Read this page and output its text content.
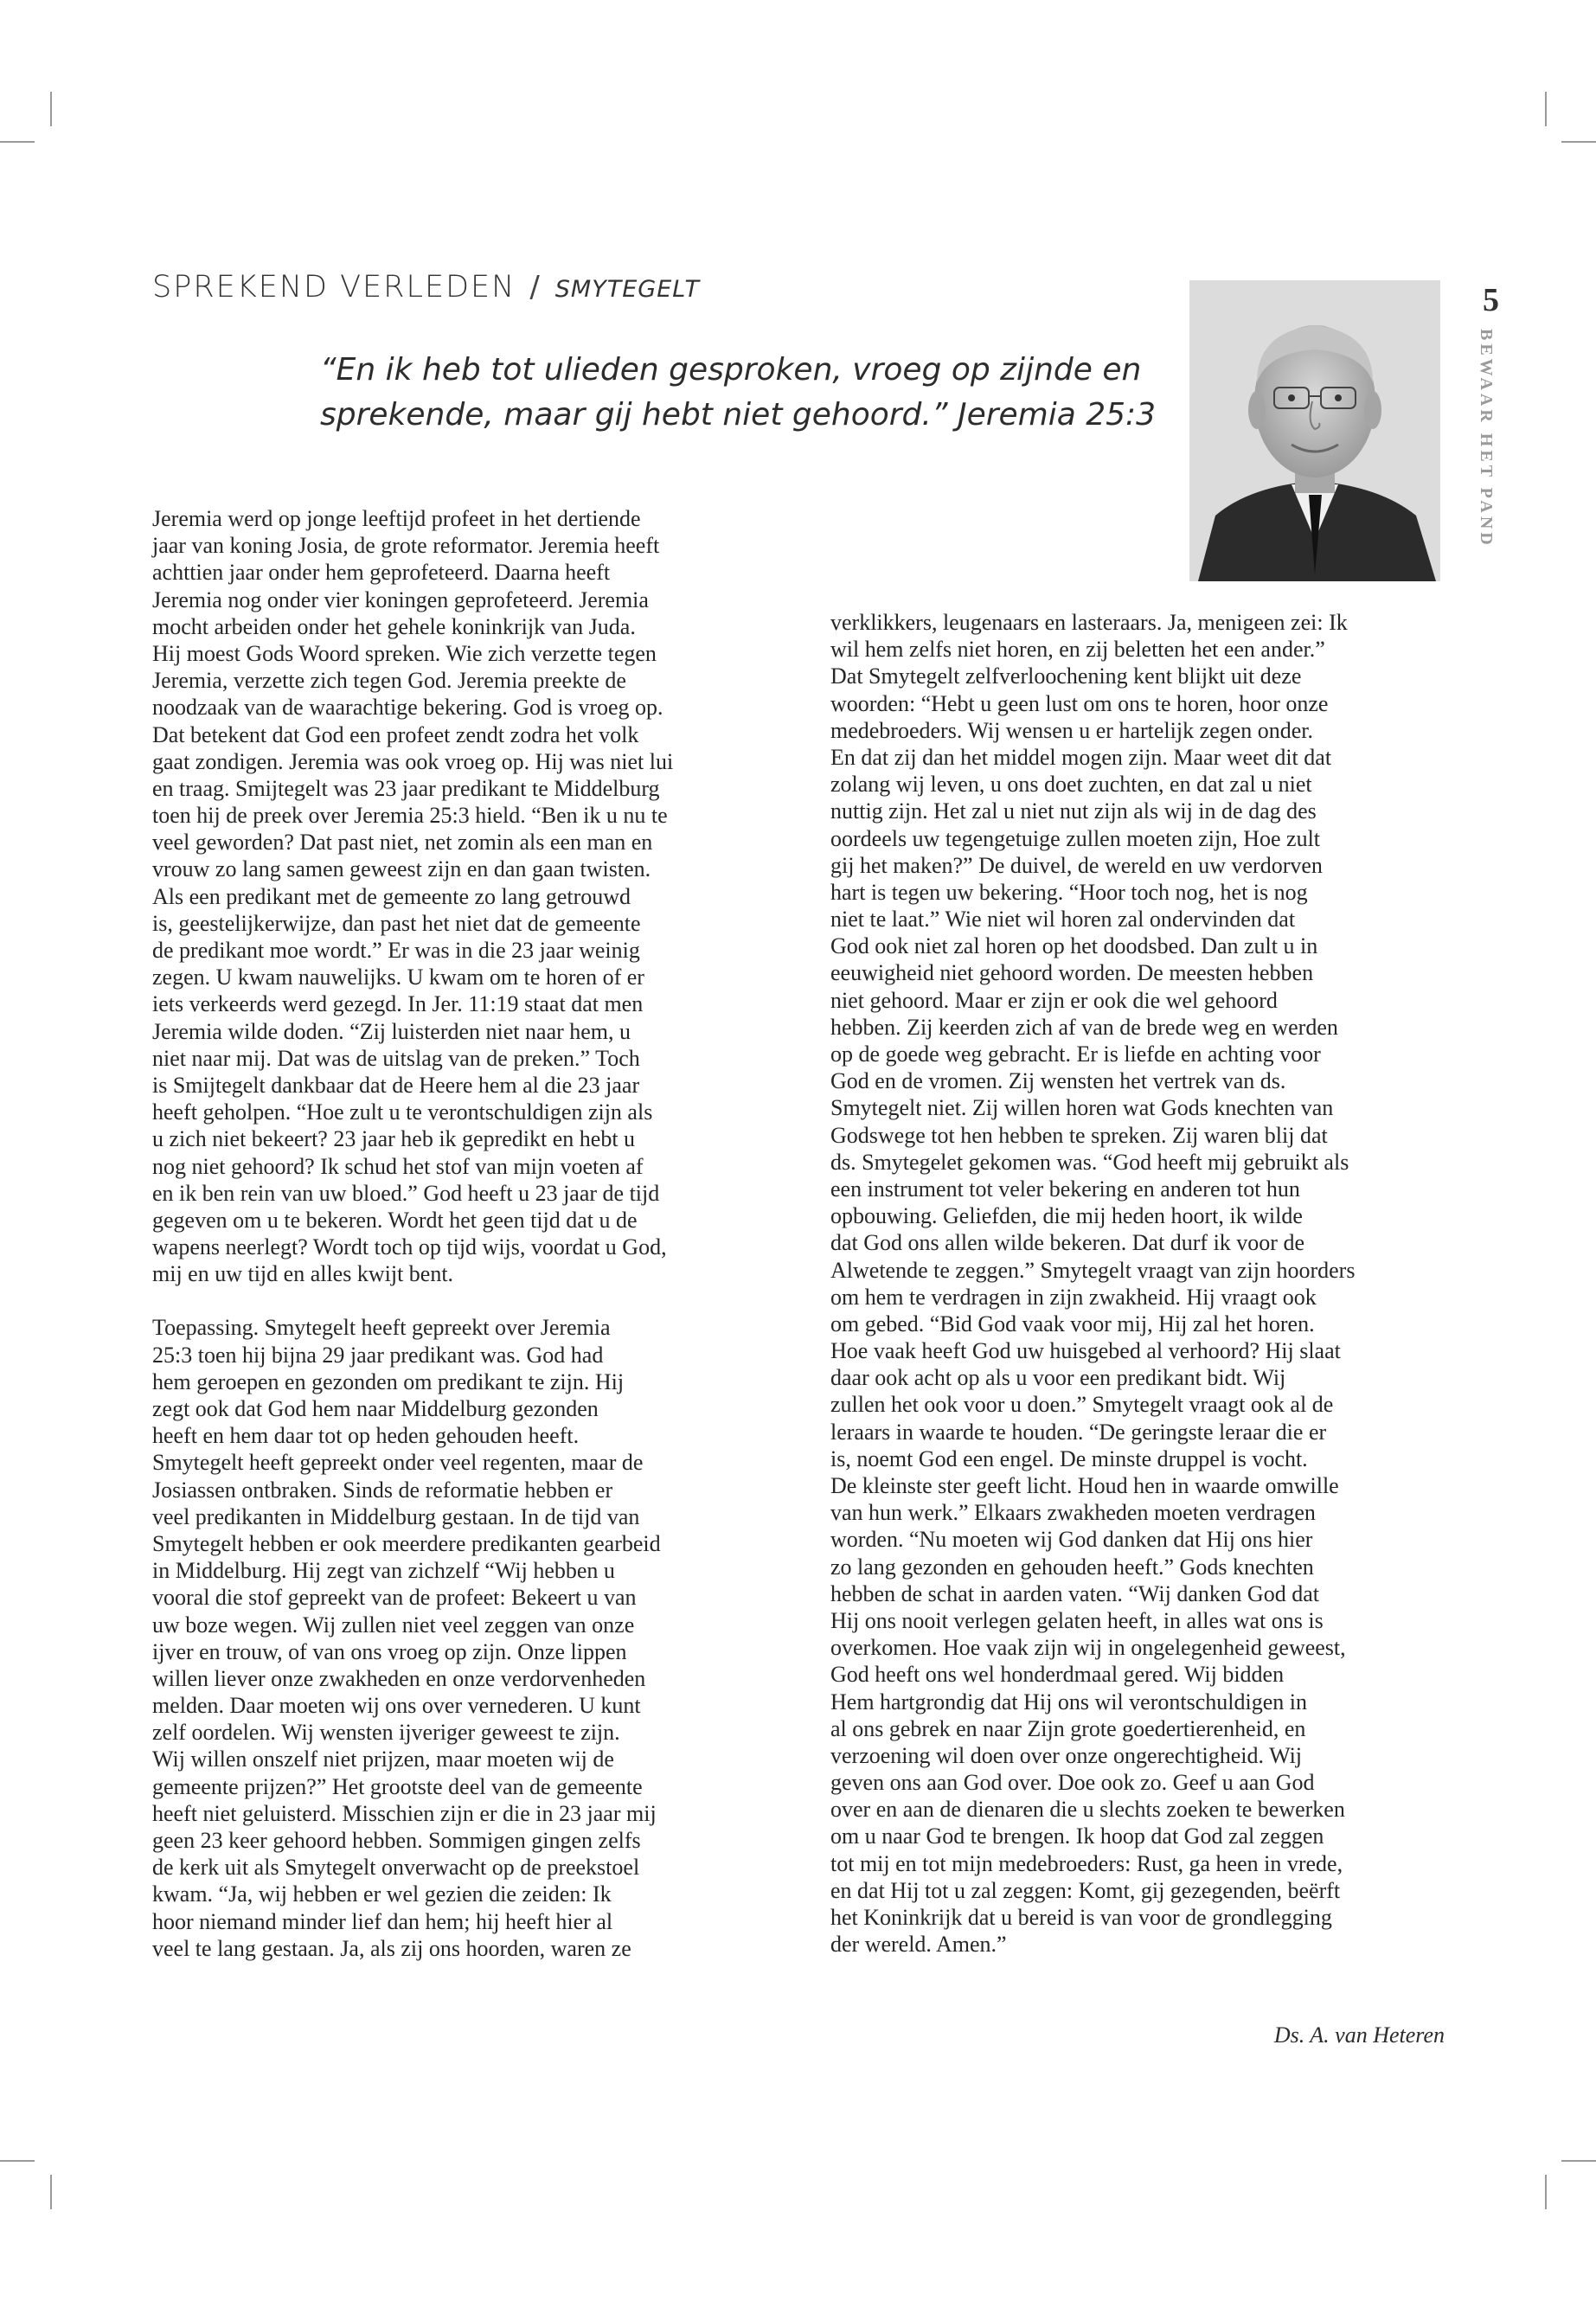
SPREKEND VERLEDEN / SMYTEGELT
“En ik heb tot ulieden gesproken, vroeg op zijnde en
sprekende, maar gij hebt niet gehoord.” Jeremia 25:3
5
BEWAAR HET PAND
Jeremia werd op jonge leeftijd profeet in het dertiende
jaar van koning Josia, de grote reformator. Jeremia heeft
achttien jaar onder hem geprofeteerd. Daarna heeft
Jeremia nog onder vier koningen geprofeteerd. Jeremia
mocht arbeiden onder het gehele koninkrijk van Juda.
Hij moest Gods Woord spreken. Wie zich verzette tegen
Jeremia, verzette zich tegen God. Jeremia preekte de
noodzaak van de waarachtige bekering. God is vroeg op.
Dat betekent dat God een profeet zendt zodra het volk
gaat zondigen. Jeremia was ook vroeg op. Hij was niet lui
en traag. Smijtegelt was 23 jaar predikant te Middelburg
toen hij de preek over Jeremia 25:3 hield. “Ben ik u nu te
veel geworden? Dat past niet, net zomin als een man en
vrouw zo lang samen geweest zijn en dan gaan twisten.
Als een predikant met de gemeente zo lang getrouwd
is, geestelijkerwijze, dan past het niet dat de gemeente
de predikant moe wordt.” Er was in die 23 jaar weinig
zegen. U kwam nauwelijks. U kwam om te horen of er
iets verkeerds werd gezegd. In Jer. 11:19 staat dat men
Jeremia wilde doden. “Zij luisterden niet naar hem, u
niet naar mij. Dat was de uitslag van de preken.” Toch
is Smijtegelt dankbaar dat de Heere hem al die 23 jaar
heeft geholpen. “Hoe zult u te verontschuldigen zijn als
u zich niet bekeert? 23 jaar heb ik gepredikt en hebt u
nog niet gehoord? Ik schud het stof van mijn voeten af
en ik ben rein van uw bloed.” God heeft u 23 jaar de tijd
gegeven om u te bekeren. Wordt het geen tijd dat u de
wapens neerlegt? Wordt toch op tijd wijs, voordat u God,
mij en uw tijd en alles kwijt bent.
Toepassing. Smytegelt heeft gepreekt over Jeremia
25:3 toen hij bijna 29 jaar predikant was. God had
hem geroepen en gezonden om predikant te zijn. Hij
zegt ook dat God hem naar Middelburg gezonden
heeft en hem daar tot op heden gehouden heeft.
Smytegelt heeft gepreekt onder veel regenten, maar de
Josiassen ontbraken. Sinds de reformatie hebben er
veel predikanten in Middelburg gestaan. In de tijd van
Smytegelt hebben er ook meerdere predikanten gearbeid
in Middelburg. Hij zegt van zichzelf “Wij hebben u
vooral die stof gepreekt van de profeet: Bekeert u van
uw boze wegen. Wij zullen niet veel zeggen van onze
ijver en trouw, of van ons vroeg op zijn. Onze lippen
willen liever onze zwakheden en onze verdorvenheden
melden. Daar moeten wij ons over vernederen. U kunt
zelf oordelen. Wij wensten ijveriger geweest te zijn.
Wij willen onszelf niet prijzen, maar moeten wij de
gemeente prijzen?” Het grootste deel van de gemeente
heeft niet geluisterd. Misschien zijn er die in 23 jaar mij
geen 23 keer gehoord hebben. Sommigen gingen zelfs
de kerk uit als Smytegelt onverwacht op de preekstoel
kwam. “Ja, wij hebben er wel gezien die zeiden: Ik
hoor niemand minder lief dan hem; hij heeft hier al
veel te lang gestaan. Ja, als zij ons hoorden, waren ze
verklikkers, leugenaars en lasteraars. Ja, menigeen zei: Ik
wil hem zelfs niet horen, en zij beletten het een ander.”
Dat Smytegelt zelfverloochening kent blijkt uit deze
woorden: “Hebt u geen lust om ons te horen, hoor onze
medebroeders. Wij wensen u er hartelijk zegen onder.
En dat zij dan het middel mogen zijn. Maar weet dit dat
zolang wij leven, u ons doet zuchten, en dat zal u niet
nuttig zijn. Het zal u niet nut zijn als wij in de dag des
oordeels uw tegengetuige zullen moeten zijn, Hoe zult
gij het maken?” De duivel, de wereld en uw verdorven
hart is tegen uw bekering. “Hoor toch nog, het is nog
niet te laat.” Wie niet wil horen zal ondervinden dat
God ook niet zal horen op het doodsbed. Dan zult u in
eeuwigheid niet gehoord worden. De meesten hebben
niet gehoord. Maar er zijn er ook die wel gehoord
hebben. Zij keerden zich af van de brede weg en werden
op de goede weg gebracht. Er is liefde en achting voor
God en de vromen. Zij wensten het vertrek van ds.
Smytegelt niet. Zij willen horen wat Gods knechten van
Godswege tot hen hebben te spreken. Zij waren blij dat
ds. Smytegelet gekomen was. “God heeft mij gebruikt als
een instrument tot veler bekering en anderen tot hun
opbouwing. Geliefden, die mij heden hoort, ik wilde
dat God ons allen wilde bekeren. Dat durf ik voor de
Alwetende te zeggen.” Smytegelt vraagt van zijn hoorders
om hem te verdragen in zijn zwakheid. Hij vraagt ook
om gebed. “Bid God vaak voor mij, Hij zal het horen.
Hoe vaak heeft God uw huisgebed al verhoord? Hij slaat
daar ook acht op als u voor een predikant bidt. Wij
zullen het ook voor u doen.” Smytegelt vraagt ook al de
leraars in waarde te houden. “De geringste leraar die er
is, noemt God een engel. De minste druppel is vocht.
De kleinste ster geeft licht. Houd hen in waarde omwille
van hun werk.” Elkaars zwakheden moeten verdragen
worden. “Nu moeten wij God danken dat Hij ons hier
zo lang gezonden en gehouden heeft.” Gods knechten
hebben de schat in aarden vaten. “Wij danken God dat
Hij ons nooit verlegen gelaten heeft, in alles wat ons is
overkomen. Hoe vaak zijn wij in ongelegenheid geweest,
God heeft ons wel honderdmaal gered. Wij bidden
Hem hartgrondig dat Hij ons wil verontschuldigen in
al ons gebrek en naar Zijn grote goedertierenheid, en
verzoening wil doen over onze ongerechtigheid. Wij
geven ons aan God over. Doe ook zo. Geef u aan God
over en aan de dienaren die u slechts zoeken te bewerken
om u naar God te brengen. Ik hoop dat God zal zeggen
tot mij en tot mijn medebroeders: Rust, ga heen in vrede,
en dat Hij tot u zal zeggen: Komt, gij gezegenden, beërft
het Koninkrijk dat u bereid is van voor de grondlegging
der wereld. Amen.”
Ds. A. van Heteren
